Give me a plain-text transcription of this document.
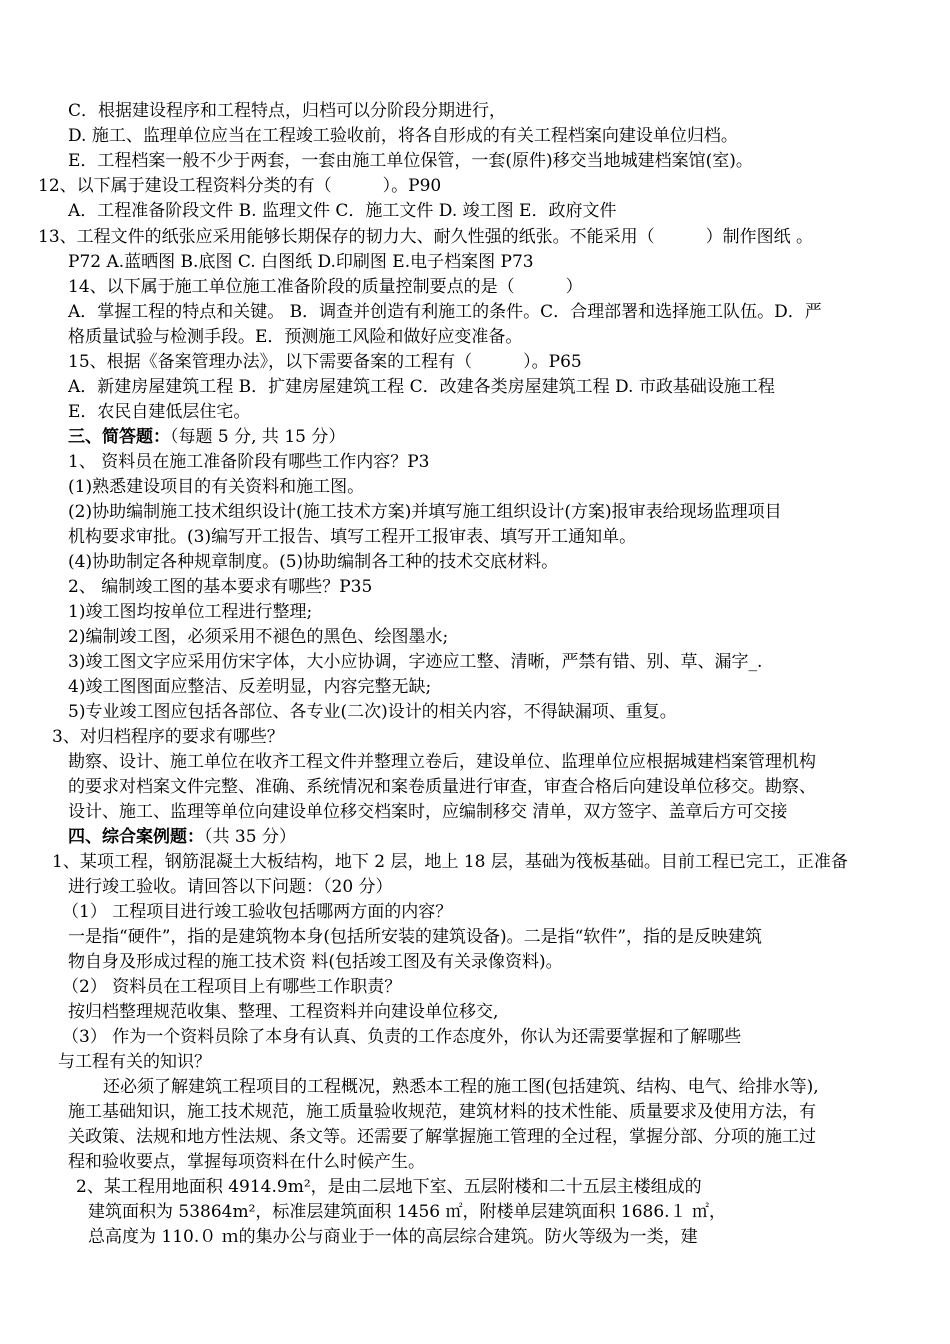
C．根据建设程序和工程特点，归档可以分阶段分期进行，
D. 施工、监理单位应当在工程竣工验收前，将各自形成的有关工程档案向建设单位归档。
E．工程档案一般不少于两套，一套由施工单位保管，一套(原件)移交当地城建档案馆(室)。
12、以下属于建设工程资料分类的有（　　　）。P90
A．工程准备阶段文件 B. 监理文件 C．施工文件 D. 竣工图 E．政府文件
13、工程文件的纸张应采用能够长期保存的韧力大、耐久性强的纸张。不能采用（　　　）制作图纸 。
P72 A.蓝晒图 B.底图 C. 白图纸 D.印刷图 E.电子档案图 P73
14、以下属于施工单位施工准备阶段的质量控制要点的是（　　　）
A．掌握工程的特点和关键。 B．调查并创造有利施工的条件。C．合理部署和选择施工队伍。D．严
格质量试验与检测手段。E．预测施工风险和做好应变准备。
15、根据《备案管理办法》，以下需要备案的工程有（　　　）。P65
A．新建房屋建筑工程 B．扩建房屋建筑工程 C．改建各类房屋建筑工程 D. 市政基础设施工程
E．农民自建低层住宅。
三、简答题：（每题 5 分, 共 15 分）
1、 资料员在施工准备阶段有哪些工作内容？P3
(1)熟悉建设项目的有关资料和施工图。
(2)协助编制施工技术组织设计(施工技术方案)并填写施工组织设计(方案)报审表给现场监理项目
机构要求审批。(3)编写开工报告、填写工程开工报审表、填写开工通知单。
(4)协助制定各种规章制度。(5)协助编制各工种的技术交底材料。
2、 编制竣工图的基本要求有哪些？P35
1)竣工图均按单位工程进行整理;
2)编制竣工图，必须采用不褪色的黑色、绘图墨水;
3)竣工图文字应采用仿宋字体，大小应协调，字迹应工整、清晰，严禁有错、别、草、漏字_.
4)竣工图图面应整洁、反差明显，内容完整无缺;
5)专业竣工图应包括各部位、各专业(二次)设计的相关内容，不得缺漏项、重复。
3、对归档程序的要求有哪些？
勘察、设计、施工单位在收齐工程文件并整理立卷后，建设单位、监理单位应根据城建档案管理机构
的要求对档案文件完整、准确、系统情况和案卷质量进行审查，审查合格后向建设单位移交。勘察、
设计、施工、监理等单位向建设单位移交档案时，应编制移交 清单，双方签字、盖章后方可交接
四、综合案例题：（共 35 分）
1、某项工程，钢筋混凝土大板结构，地下 2 层，地上 18 层，基础为筏板基础。目前工程已完工，正准备
进行竣工验收。请回答以下问题：（20 分）
（1） 工程项目进行竣工验收包括哪两方面的内容？
一是指“硬件”，指的是建筑物本身(包括所安装的建筑设备)。二是指“软件”，指的是反映建筑
物自身及形成过程的施工技术资 料(包括竣工图及有关录像资料)。
（2） 资料员在工程项目上有哪些工作职责？
按归档整理规范收集、整理、工程资料并向建设单位移交,
（3） 作为一个资料员除了本身有认真、负责的工作态度外，你认为还需要掌握和了解哪些
与工程有关的知识？
还必须了解建筑工程项目的工程概况，熟悉本工程的施工图(包括建筑、结构、电气、给排水等),
施工基础知识，施工技术规范，施工质量验收规范，建筑材料的技术性能、质量要求及使用方法，有
关政策、法规和地方性法规、条文等。还需要了解掌握施工管理的全过程，掌握分部、分项的施工过
程和验收要点，掌握每项资料在什么时候产生。
2、某工程用地面积 4914.9m²，是由二层地下室、五层附楼和二十五层主楼组成的
建筑面积为 53864m²，标准层建筑面积 1456 ㎡，附楼单层建筑面积 1686.１ ㎡，
总高度为 110.０ ｍ的集办公与商业于一体的高层综合建筑。防火等级为一类，建
